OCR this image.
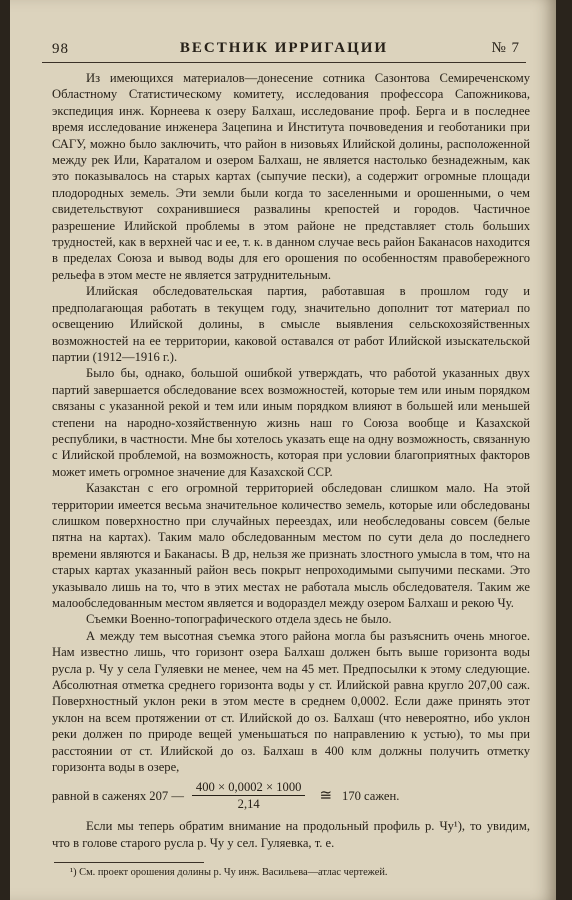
98	ВЕСТНИК ИРРИГАЦИИ	№ 7

Из имеющихся материалов—донесение сотника Сазонтова Семиреченскому Областному Статистическому комитету, исследования профессора Сапожникова, экспедиция инж. Корнеева к озеру Балхаш, исследование проф. Берга и в последнее время исследование инженера Зацепина и Института почвоведения и геоботаники при САГУ, можно было заключить, что район в низовьях Илийской долины, расположенной между рек Или, Караталом и озером Балхаш, не является настолько безнадежным, как это показывалось на старых картах (сыпучие пески), а содержит огромные площади плодородных земель. Эти земли были когда то заселенными и орошенными, о чем свидетельствуют сохранившиеся развалины крепостей и городов. Частичное разрешение Илийской проблемы в этом районе не представляет столь больших трудностей, как в верхней час и ее, т. к. в данном случае весь район Баканасов находится в пределах Союза и вывод воды для его орошения по особенностям правобережного рельефа в этом месте не является затруднительным.

Илийская обследовательская партия, работавшая в прошлом году и предполагающая работать в текущем году, значительно дополнит тот материал по освещению Илийской долины, в смысле выявления сельскохозяйственных возможностей на ее территории, каковой оставался от работ Илийской изыскательской партии (1912—1916 г.).

Было бы, однако, большой ошибкой утверждать, что работой указанных двух партий завершается обследование всех возможностей, которые тем или иным порядком связаны с указанной рекой и тем или иным порядком влияют в большей или меньшей степени на народно-хозяйственную жизнь наш го Союза вообще и Казахской республики, в частности. Мне бы хотелось указать еще на одну возможность, связанную с Илийской проблемой, на возможность, которая при условии благоприятных факторов может иметь огромное значение для Казахской ССР.

Казакстан с его огромной территорией обследован слишком мало. На этой территории имеется весьма значительное количество земель, которые или обследованы слишком поверхностно при случайных переездах, или необследованы совсем (белые пятна на картах). Таким мало обследованным местом по сути дела до последнего времени являются и Баканасы. В др, нельзя же признать злостного умысла в том, что на старых картах указанный район весь покрыт непроходимыми сыпучими песками. Это указывало лишь на то, что в этих местах не работала мысль обследователя. Таким же малообследованным местом является и водораздел между озером Балхаш и рекою Чу.

Съемки Военно-топографического отдела здесь не было.

А между тем высотная съемка этого района могла бы разъяснить очень многое. Нам известно лишь, что горизонт озера Балхаш должен быть выше горизонта воды русла р. Чу у села Гуляевки не менее, чем на 45 мет. Предпосылки к этому следующие. Абсолютная отметка среднего горизонта воды у ст. Илийской равна кругло 207,00 саж. Поверхностный уклон реки в этом месте в среднем 0,0002. Если даже принять этот уклон на всем протяжении от ст. Илийской до оз. Балхаш (что невероятно, ибо уклон реки должен по природе вещей уменьшаться по направлению к устью), то мы при расстоянии от ст. Илийской до оз. Балхаш в 400 клм должны получить отметку горизонта воды в озере,

равной в саженях 207 — $\frac{400 \times 0,0002 \times 1000}{2,14}$ ≅ 170 сажен.

Если мы теперь обратим внимание на продольный профиль р. Чу¹), то увидим, что в голове старого русла р. Чу у сел. Гуляевка, т. е.

¹) См. проект орошения долины р. Чу инж. Васильева—атлас чертежей.
